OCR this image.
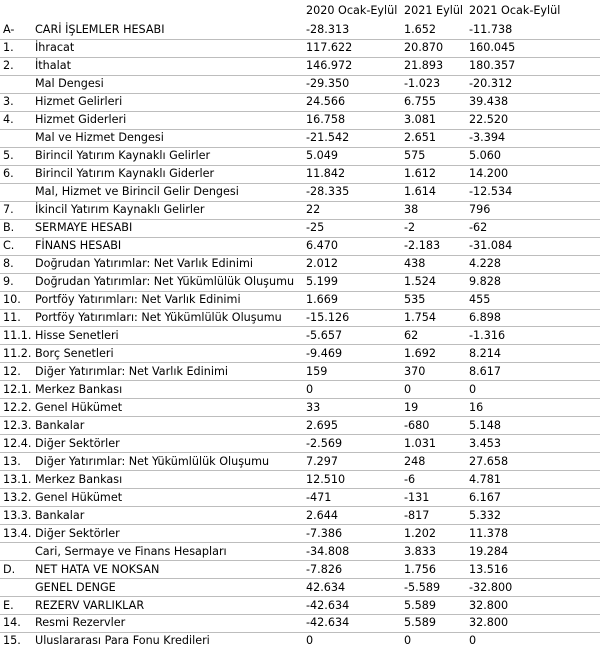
2020 Ocak-Eylül 2021 Eylül 2021 Ocak-Eylül
A- CARİ İŞLEMLER HESABI	-28.313	1.652	-11.738
1. İhracat	117.622	20.870 160.045
2. İthalat	146.972	21.893 180.357
Mal Dengesi	-29.350	-1.023	-20.312
3. Hizmet Gelirleri	24.566	6.755	39.438
4. Hizmet Giderleri	16.758	3.081	22.520
Mal ve Hizmet Dengesi	-21.542	2.651	-3.394
5. Birincil Yatırım Kaynaklı Gelirler	5.049	575	5.060
6. Birincil Yatırım Kaynaklı Giderler	11.842	1.612	14.200
Mal, Hizmet ve Birincil Gelir Dengesi	-28.335	1.614	-12.534
7. İkincil Yatırım Kaynaklı Gelirler	22	38	796
B. SERMAYE HESABI	-25	-2	-62
C. FİNANS HESABI	6.470	-2.183	-31.084
8. Doğrudan Yatırımlar: Net Varlık Edinimi	2.012	438	4.228
9. Doğrudan Yatırımlar: Net Yükümlülük Oluşumu 5.199	1.524	9.828
10. Portföy Yatırımları: Net Varlık Edinimi	1.669	535	455
11. Portföy Yatırımları: Net Yükümlülük Oluşumu -15.126	1.754	6.898
11.1. Hisse Senetleri	-5.657	62	-1.316
11.2. Borç Senetleri	-9.469	1.692	8.214
12. Diğer Yatırımlar: Net Varlık Edinimi	159	370	8.617
12.1. Merkez Bankası	0	0	0
12.2. Genel Hükümet	33	19	16
12.3. Bankalar	2.695	-680	5.148
12.4. Diğer Sektörler	-2.569	1.031	3.453
13. Diğer Yatırımlar: Net Yükümlülük Oluşumu	7.297	248	27.658
13.1. Merkez Bankası	12.510	-6	4.781
13.2. Genel Hükümet	-471	-131	6.167
13.3. Bankalar	2.644	-817	5.332
13.4. Diğer Sektörler	-7.386	1.202	11.378
Cari, Sermaye ve Finans Hesapları	-34.808	3.833	19.284
D. NET HATA VE NOKSAN	-7.826	1.756	13.516
GENEL DENGE	42.634	-5.589	-32.800
E. REZERV VARLIKLAR	-42.634	5.589	32.800
14. Resmi Rezervler	-42.634	5.589	32.800
15. Uluslararası Para Fonu Kredileri	0	0	0
